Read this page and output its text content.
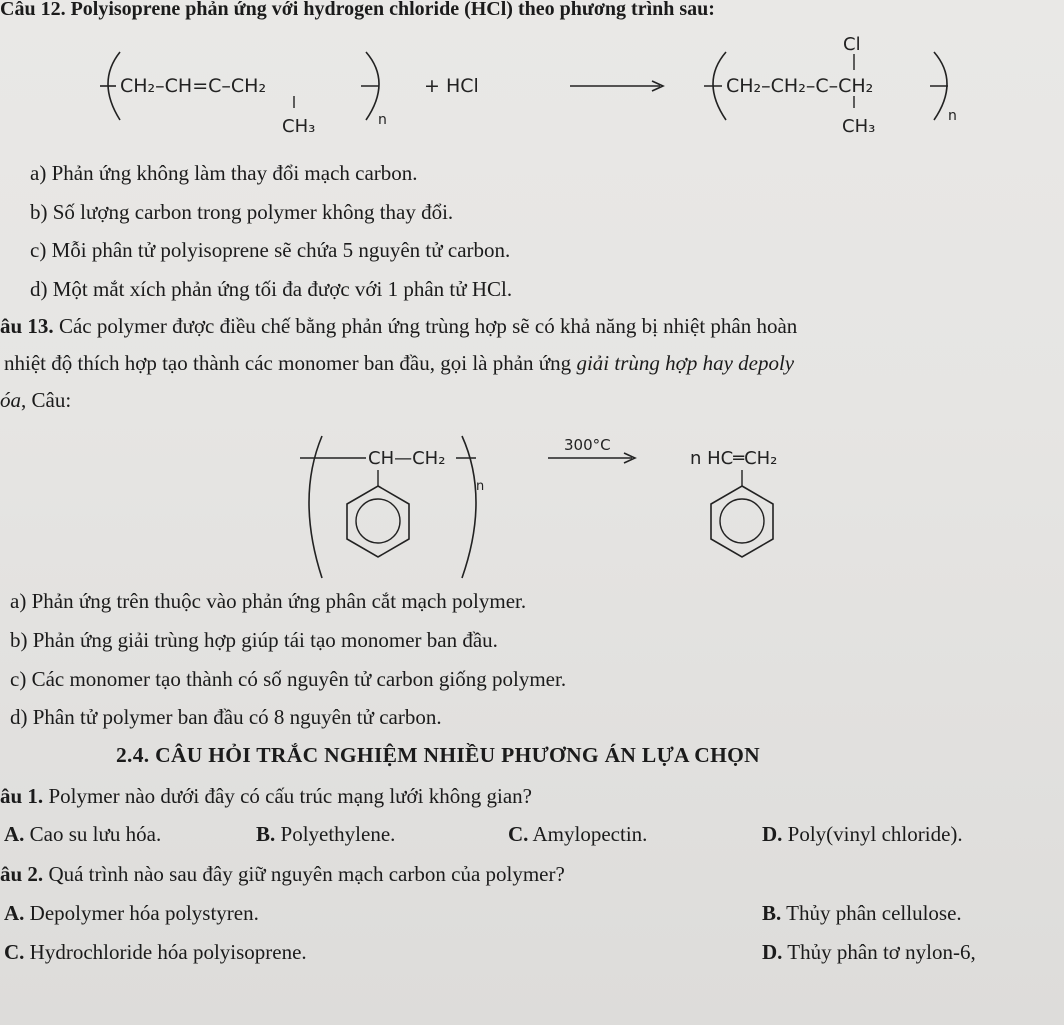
Câu 12. Polyisoprene phản ứng với hydrogen chloride (HCl) theo phương trình sau:
CH₂–CH=C–CH₂
CH₃	n
+ HCl
Cl
CH₂–CH₂–C–CH₂
CH₃	n
a) Phản ứng không làm thay đổi mạch carbon.
b) Số lượng carbon trong polymer không thay đổi.
c) Mỗi phân tử polyisoprene sẽ chứa 5 nguyên tử carbon.
d) Một mắt xích phản ứng tối đa được với 1 phân tử HCl.
âu 13. Các polymer được điều chế bằng phản ứng trùng hợp sẽ có khả năng bị nhiệt phân hoàn
nhiệt độ thích hợp tạo thành các monomer ban đầu, gọi là phản ứng giải trùng hợp hay depoly
óa, Câu:
CH—CH₂
n
300°C
n HC═CH₂
a) Phản ứng trên thuộc vào phản ứng phân cắt mạch polymer.
b) Phản ứng giải trùng hợp giúp tái tạo monomer ban đầu.
c) Các monomer tạo thành có số nguyên tử carbon giống polymer.
d) Phân tử polymer ban đầu có 8 nguyên tử carbon.
2.4. CÂU HỎI TRẮC NGHIỆM NHIỀU PHƯƠNG ÁN LỰA CHỌN
âu 1. Polymer nào dưới đây có cấu trúc mạng lưới không gian?
A. Cao su lưu hóa.	B. Polyethylene.	C. Amylopectin.	D. Poly(vinyl chloride).
âu 2. Quá trình nào sau đây giữ nguyên mạch carbon của polymer?
A. Depolymer hóa polystyren.	B. Thủy phân cellulose.
C. Hydrochloride hóa polyisoprene.	D. Thủy phân tơ nylon-6,
